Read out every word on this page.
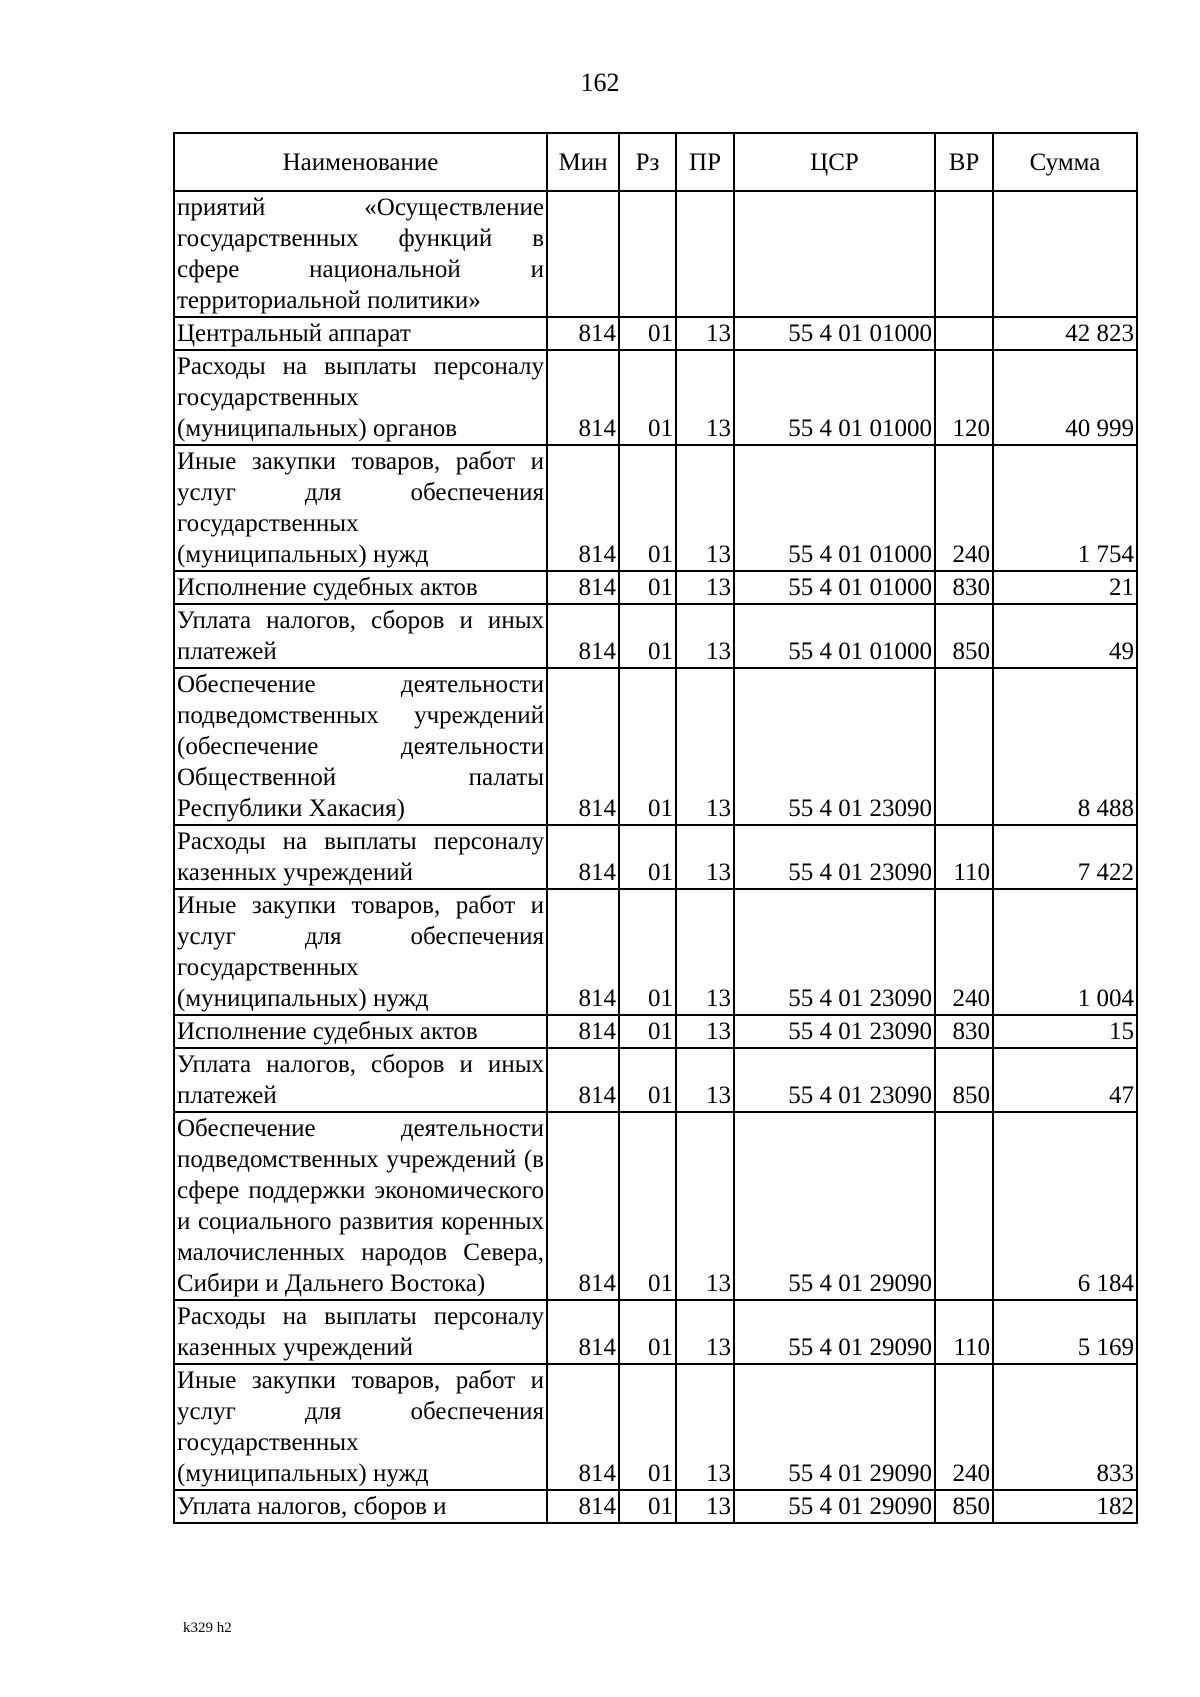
162
Наименование	Мин	Рз	ПР	ЦСР	ВР	Сумма
приятий «Осуществление государственных функций в сфере национальной и территориальной политики»						
Центральный аппарат	814	01	13	55 4 01 01000		42 823
Расходы на выплаты персоналу государственных (муниципальных) органов	814	01	13	55 4 01 01000	120	40 999
Иные закупки товаров, работ и услуг для обеспечения государственных (муниципальных) нужд	814	01	13	55 4 01 01000	240	1 754
Исполнение судебных актов	814	01	13	55 4 01 01000	830	21
Уплата налогов, сборов и иных платежей	814	01	13	55 4 01 01000	850	49
Обеспечение деятельности подведомственных учреждений (обеспечение деятельности Общественной палаты Республики Хакасия)	814	01	13	55 4 01 23090		8 488
Расходы на выплаты персоналу казенных учреждений	814	01	13	55 4 01 23090	110	7 422
Иные закупки товаров, работ и услуг для обеспечения государственных (муниципальных) нужд	814	01	13	55 4 01 23090	240	1 004
Исполнение судебных актов	814	01	13	55 4 01 23090	830	15
Уплата налогов, сборов и иных платежей	814	01	13	55 4 01 23090	850	47
Обеспечение деятельности подведомственных учреждений (в сфере поддержки экономического и социального развития коренных малочисленных народов Севера, Сибири и Дальнего Востока)	814	01	13	55 4 01 29090		6 184
Расходы на выплаты персоналу казенных учреждений	814	01	13	55 4 01 29090	110	5 169
Иные закупки товаров, работ и услуг для обеспечения государственных (муниципальных) нужд	814	01	13	55 4 01 29090	240	833
Уплата налогов, сборов и	814	01	13	55 4 01 29090	850	182
k329 h2
